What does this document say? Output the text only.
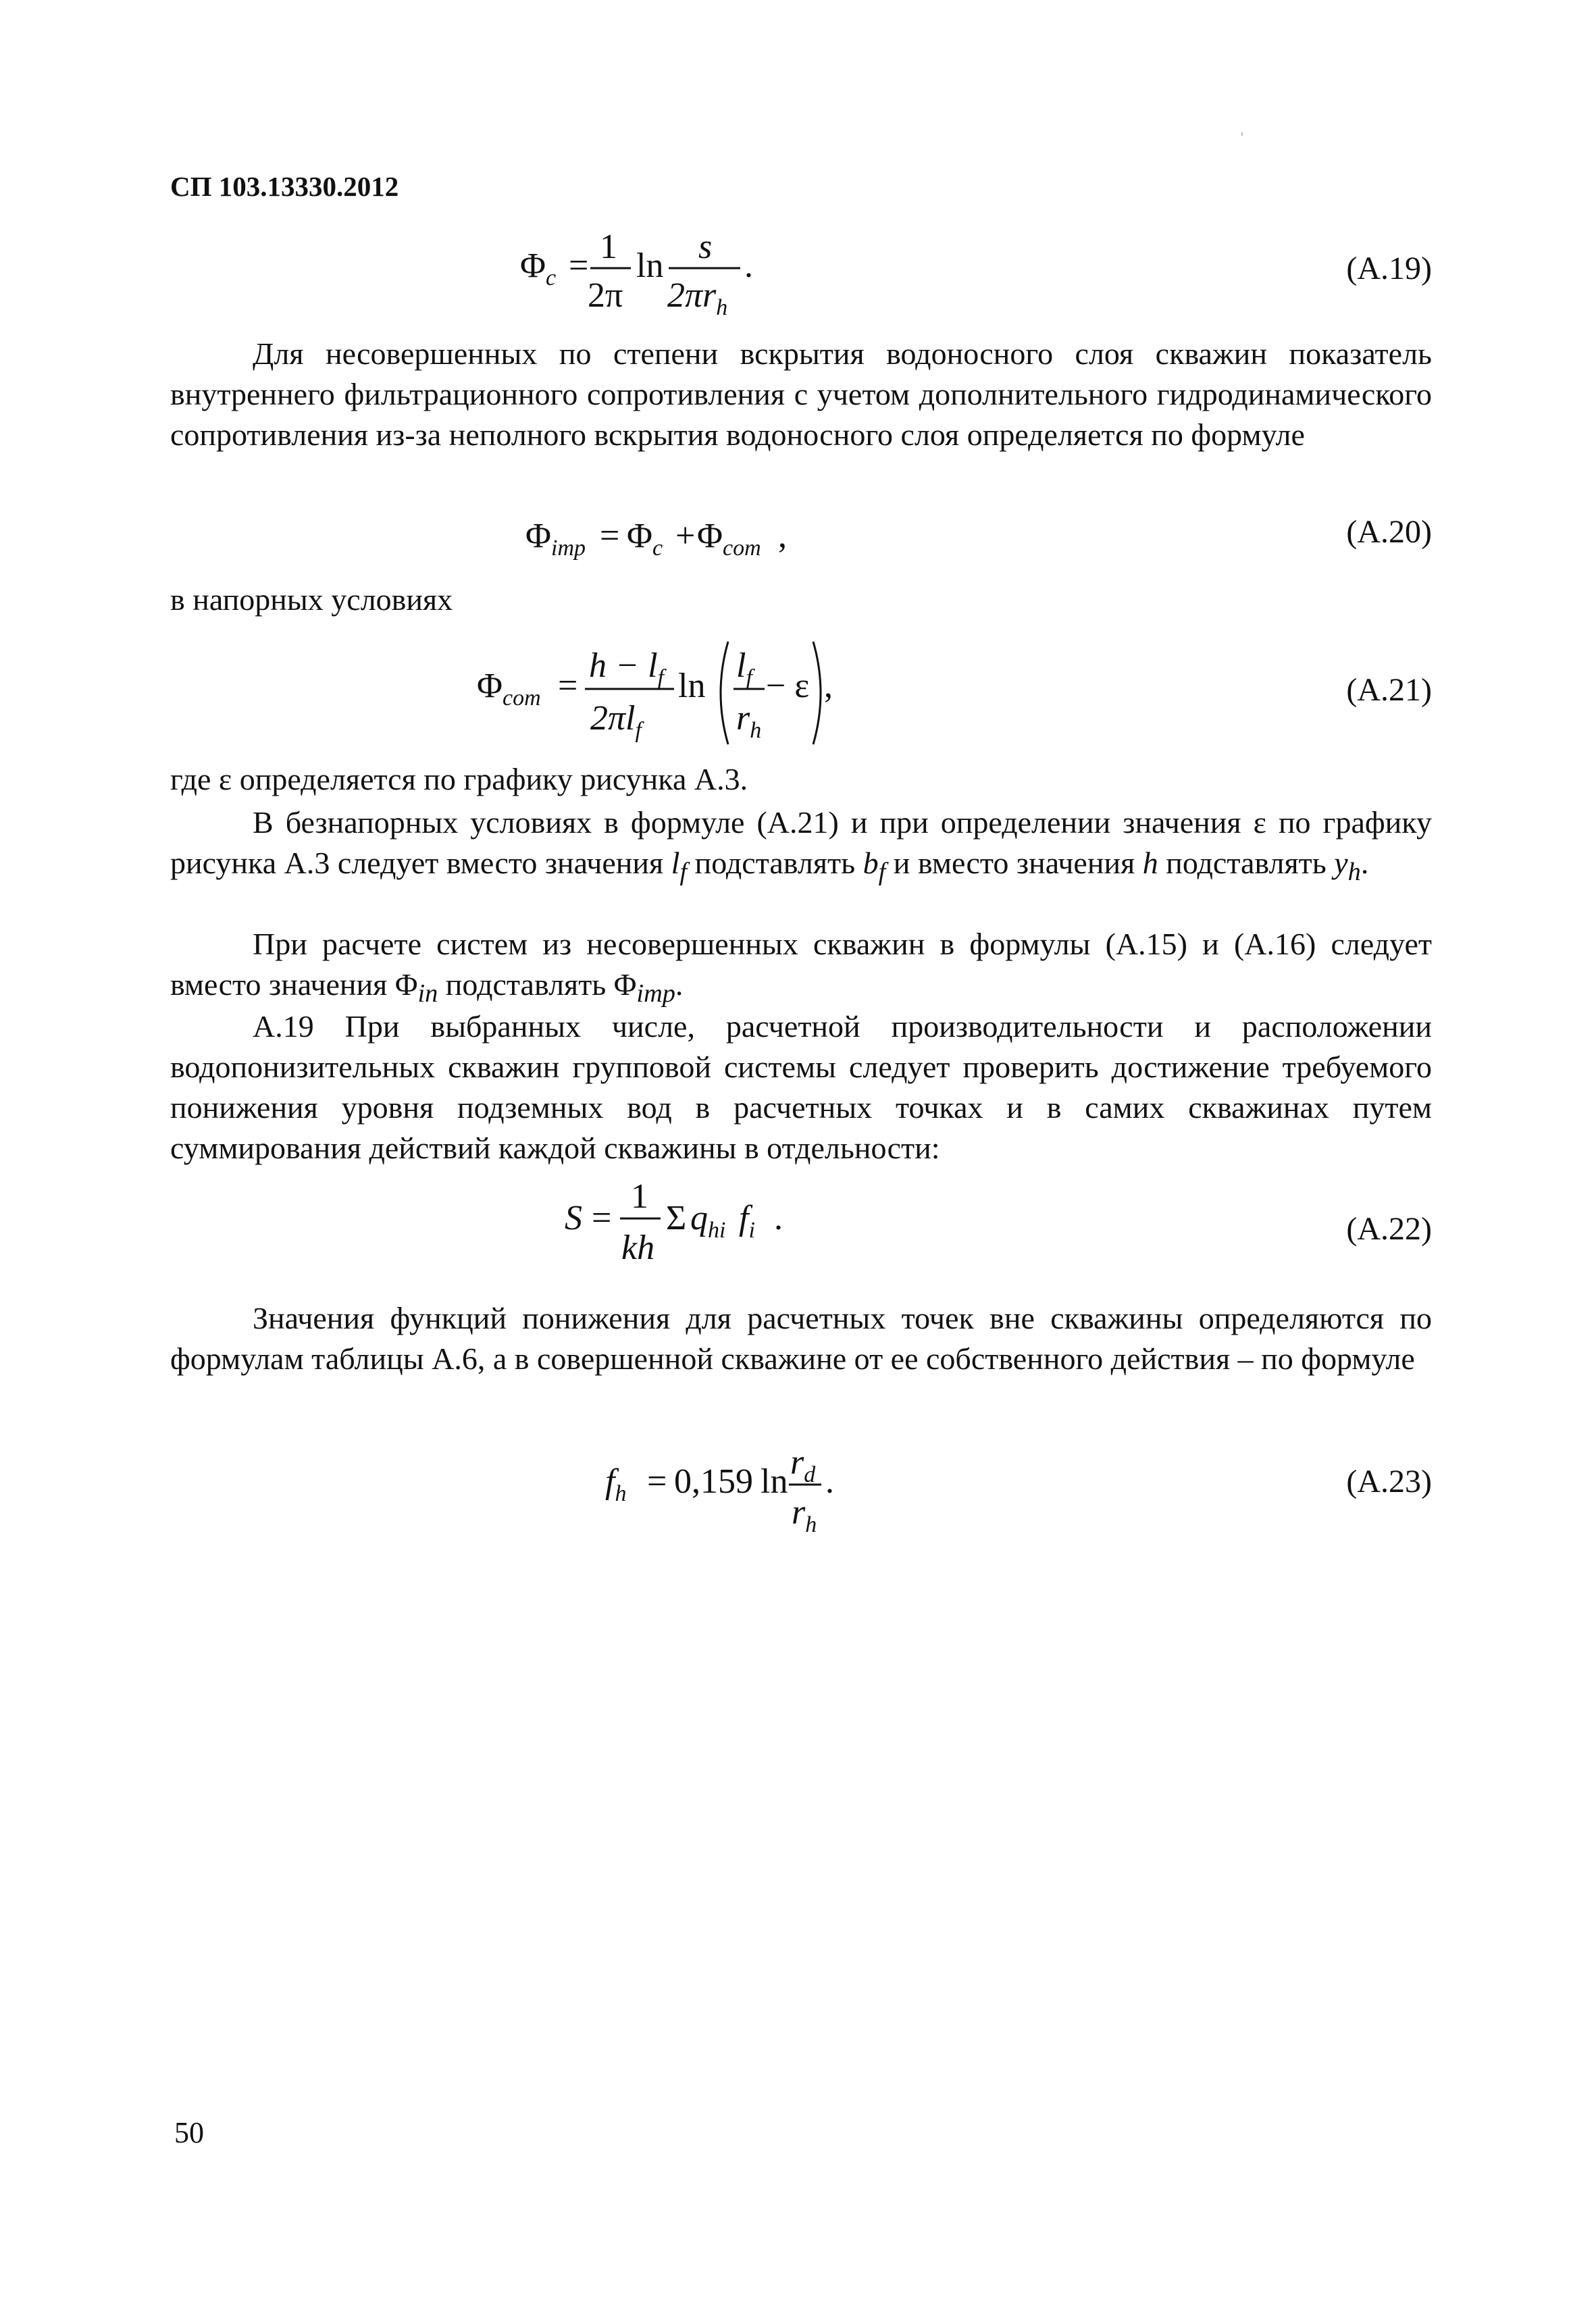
СП 103.13330.2012
$\Phi_c = 1$
2π
ln s
$2\pi r_h$
.	(А.19)
Для несовершенных по степени вскрытия водоносного слоя скважин показатель внутреннего фильтрационного сопротивления с учетом дополнительного гидродинамического сопротивления из-за неполного вскрытия водоносного слоя определяется по формуле
$\Phi_{imp} = \Phi_c + \Phi_{com}$ ,	(А.20)
в напорных условиях
$\Phi_{com}$ =
$h - l_f$
$2\pi l_f$
ln
$l_f$
$r_h$
− ε ,	(А.21)
где ε определяется по графику рисунка А.3.
В безнапорных условиях в формуле (А.21) и при определении значения ε по графику рисунка А.3 следует вместо значения $l_f$ подставлять $b_f$ и вместо значения h подставлять $y_h$.
При расчете систем из несовершенных скважин в формулы (А.15) и (А.16) следует вместо значения $\Phi_{in}$ подставлять $\Phi_{imp}$.
А.19 При выбранных числе, расчетной производительности и расположении водопонизительных скважин групповой системы следует проверить достижение требуемого понижения уровня подземных вод в расчетных точках и в самих скважинах путем суммирования действий каждой скважины в отдельности:
S =
1
kh
Σ $q_{hi}$ $f_i$ .	(А.22)
Значения функций понижения для расчетных точек вне скважины определяются по формулам таблицы А.6, а в совершенной скважине от ее собственного действия – по формуле
$f_h = 0,159$ $\ln r_d$
$r_h$
.	(А.23)
50
